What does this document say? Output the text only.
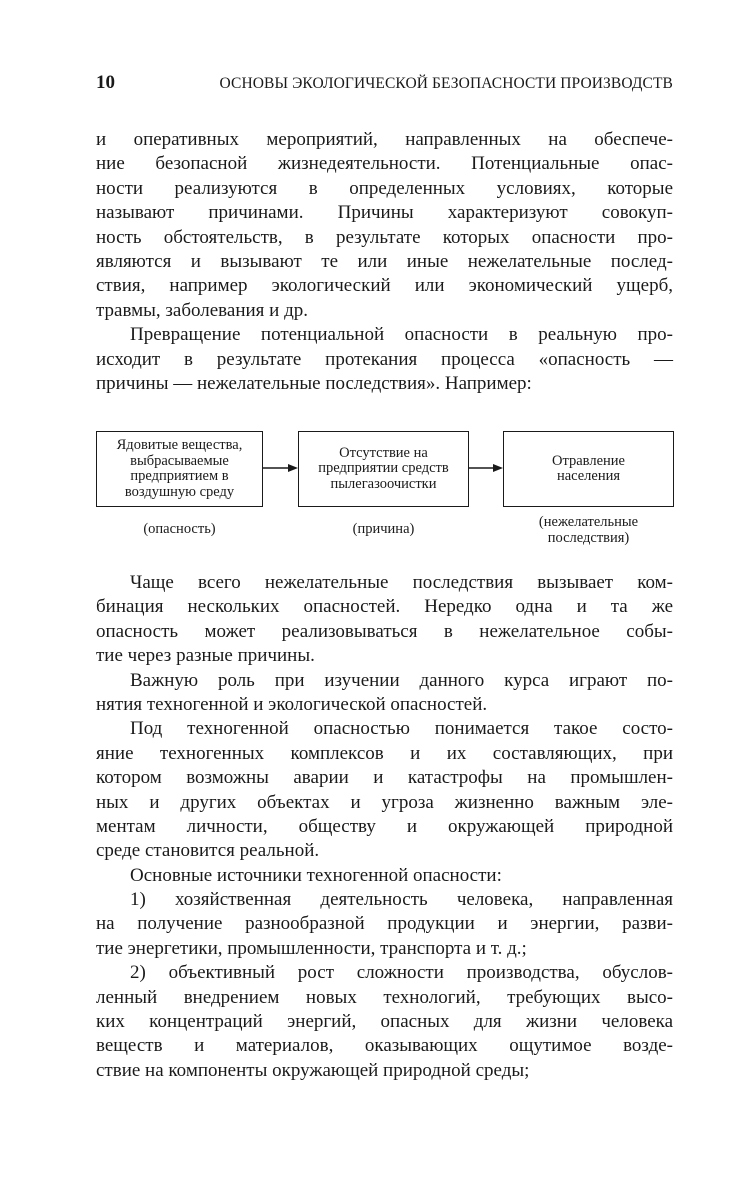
10	ОСНОВЫ ЭКОЛОГИЧЕСКОЙ БЕЗОПАСНОСТИ ПРОИЗВОДСТВ
и оперативных мероприятий, направленных на обеспече-
ние безопасной жизнедеятельности. Потенциальные опас-
ности реализуются в определенных условиях, которые
называют причинами. Причины характеризуют совокуп-
ность обстоятельств, в результате которых опасности про-
являются и вызывают те или иные нежелательные послед-
ствия, например экологический или экономический ущерб,
травмы, заболевания и др.
Превращение потенциальной опасности в реальную про-
исходит в результате протекания процесса «опасность —
причины — нежелательные последствия». Например:
Ядовитые вещества,
выбрасываемые
предприятием в
воздушную среду
Отсутствие на
предприятии средств
пылегазоочистки
Отравление
населения
(опасность)	(причина)	(нежелательные
последствия)
Чаще всего нежелательные последствия вызывает ком-
бинация нескольких опасностей. Нередко одна и та же
опасность может реализовываться в нежелательное собы-
тие через разные причины.
Важную роль при изучении данного курса играют по-
нятия техногенной и экологической опасностей.
Под техногенной опасностью понимается такое состо-
яние техногенных комплексов и их составляющих, при
котором возможны аварии и катастрофы на промышлен-
ных и других объектах и угроза жизненно важным эле-
ментам личности, обществу и окружающей природной
среде становится реальной.
Основные источники техногенной опасности:
1) хозяйственная деятельность человека, направленная
на получение разнообразной продукции и энергии, разви-
тие энергетики, промышленности, транспорта и т. д.;
2) объективный рост сложности производства, обуслов-
ленный внедрением новых технологий, требующих высо-
ких концентраций энергий, опасных для жизни человека
веществ и материалов, оказывающих ощутимое возде-
ствие на компоненты окружающей природной среды;
